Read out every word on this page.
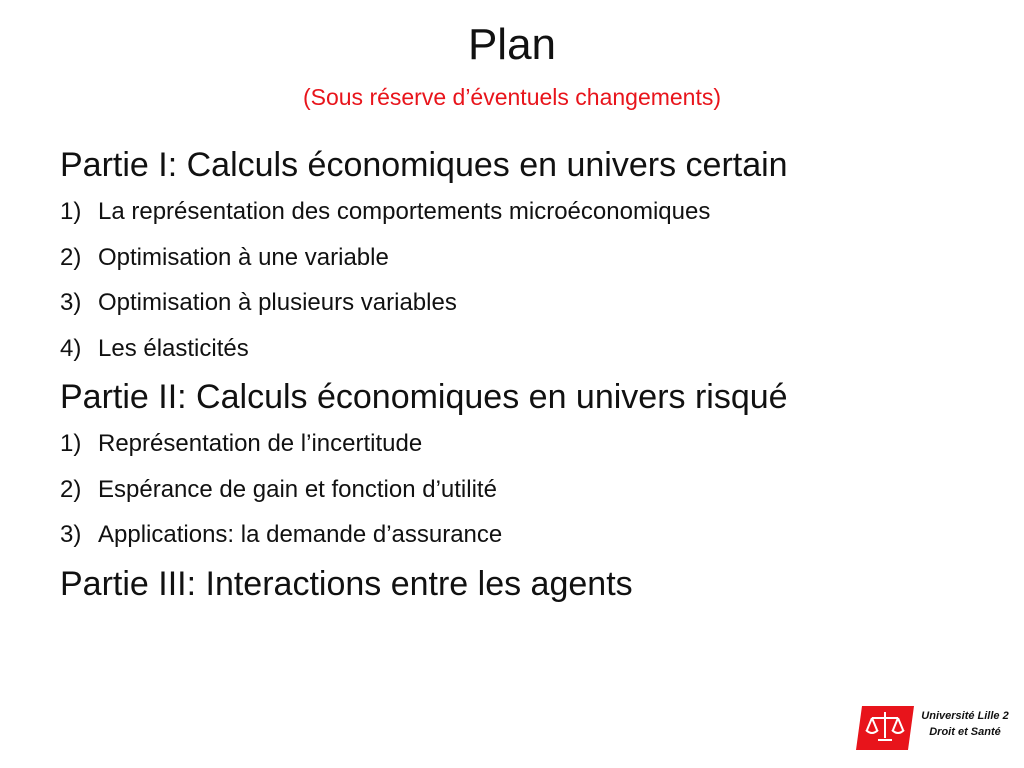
Plan
(Sous réserve d’éventuels changements)

Partie I: Calculs économiques en univers certain

1) La représentation des comportements microéconomiques
2) Optimisation à une variable
3) Optimisation à plusieurs variables
4) Les élasticités

Partie II: Calculs économiques en univers risqué

1) Représentation de l’incertitude
2) Espérance de gain et fonction d’utilité
3) Applications: la demande d’assurance

Partie III: Interactions entre les agents

Université Lille 2
Droit et Santé
